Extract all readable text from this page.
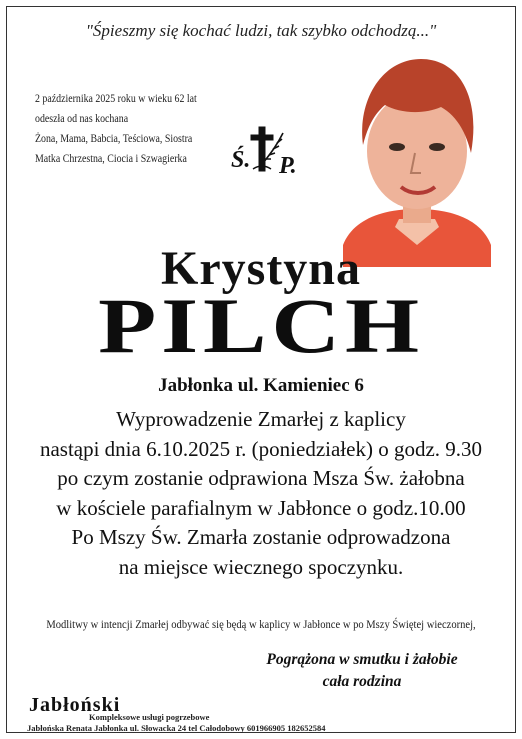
"Śpieszmy się kochać ludzi, tak szybko odchodzą..."
2 października 2025 roku w wieku 62 lat
odeszła od nas kochana
Żona, Mama, Babcia, Teściowa, Siostra
Matka Chrzestna, Ciocia i Szwagierka	Ś. P.
Krystyna
PILCH
Jabłonka ul. Kamieniec 6
Wyprowadzenie Zmarłej z kaplicy
nastąpi dnia 6.10.2025 r. (poniedziałek) o godz. 9.30
po czym zostanie odprawiona Msza Św. żałobna
w kościele parafialnym w Jabłonce o godz.10.00
Po Mszy Św. Zmarła zostanie odprowadzona
na miejsce wiecznego spoczynku.
Modlitwy w intencji Zmarłej odbywać się będą w kaplicy w Jabłonce w po Mszy Świętej wieczornej,
Pogrążona w smutku i żałobie
cała rodzina
Jabłoński
Kompleksowe usługi pogrzebowe
Jabłońska Renata Jabłonka ul. Słowacka 24 tel Całodobowy 601966905 182652584
